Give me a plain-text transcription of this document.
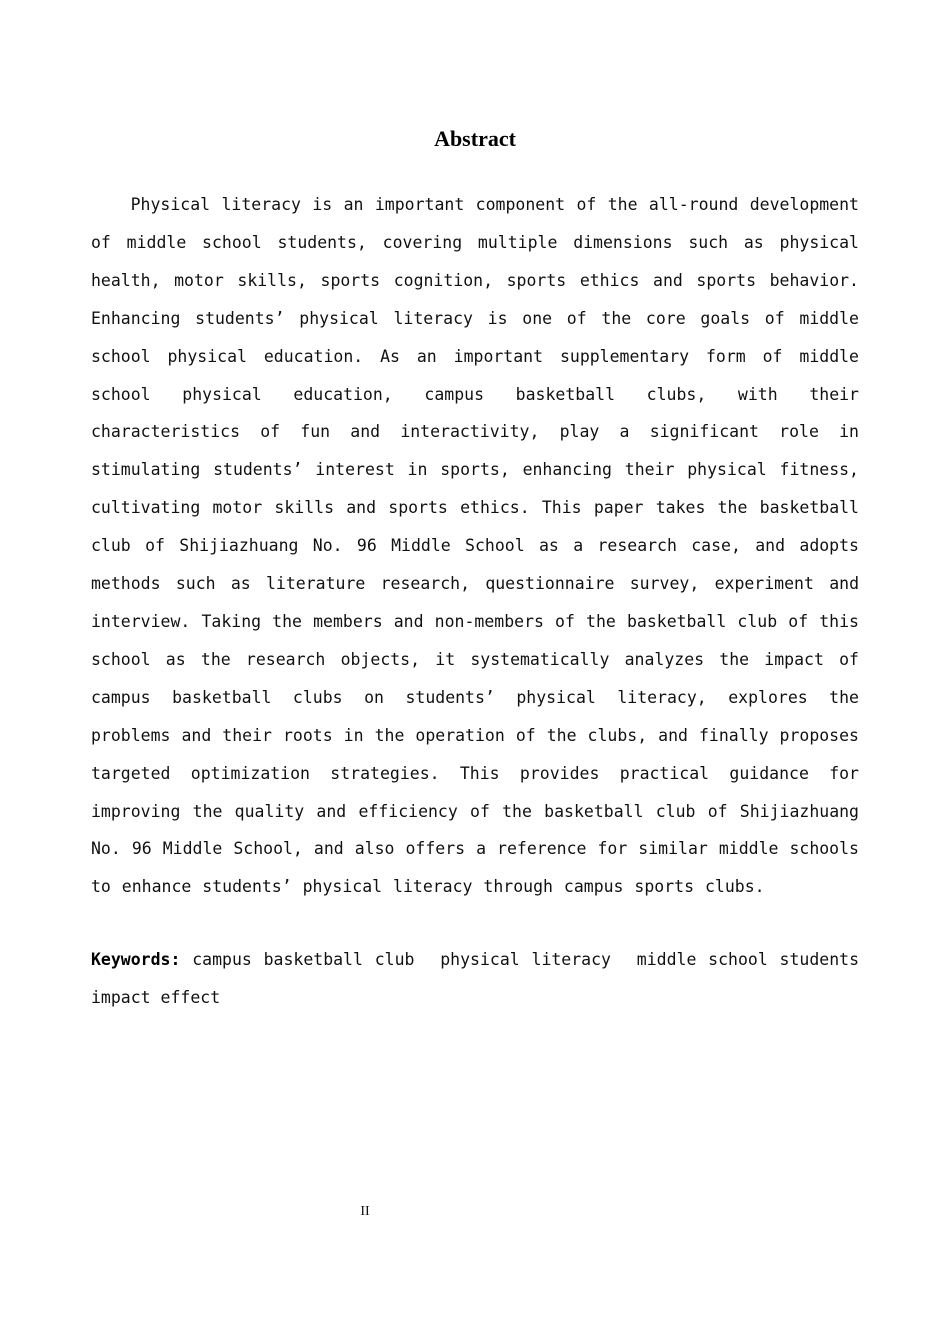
Abstract

Physical literacy is an important component of the all-round development of middle school students, covering multiple dimensions such as physical health, motor skills, sports cognition, sports ethics and sports behavior. Enhancing students’ physical literacy is one of the core goals of middle school physical education. As an important supplementary form of middle school physical education, campus basketball clubs, with their characteristics of fun and interactivity, play a significant role in stimulating students’ interest in sports, enhancing their physical fitness, cultivating motor skills and sports ethics. This paper takes the basketball club of Shijiazhuang No. 96 Middle School as a research case, and adopts methods such as literature research, questionnaire survey, experiment and interview. Taking the members and non-members of the basketball club of this school as the research objects, it systematically analyzes the impact of campus basketball clubs on students’ physical literacy, explores the problems and their roots in the operation of the clubs, and finally proposes targeted optimization strategies. This provides practical guidance for improving the quality and efficiency of the basketball club of Shijiazhuang No. 96 Middle School, and also offers a reference for similar middle schools to enhance students’ physical literacy through campus sports clubs.

Keywords: campus basketball club physical literacy middle school students impact effect

II
